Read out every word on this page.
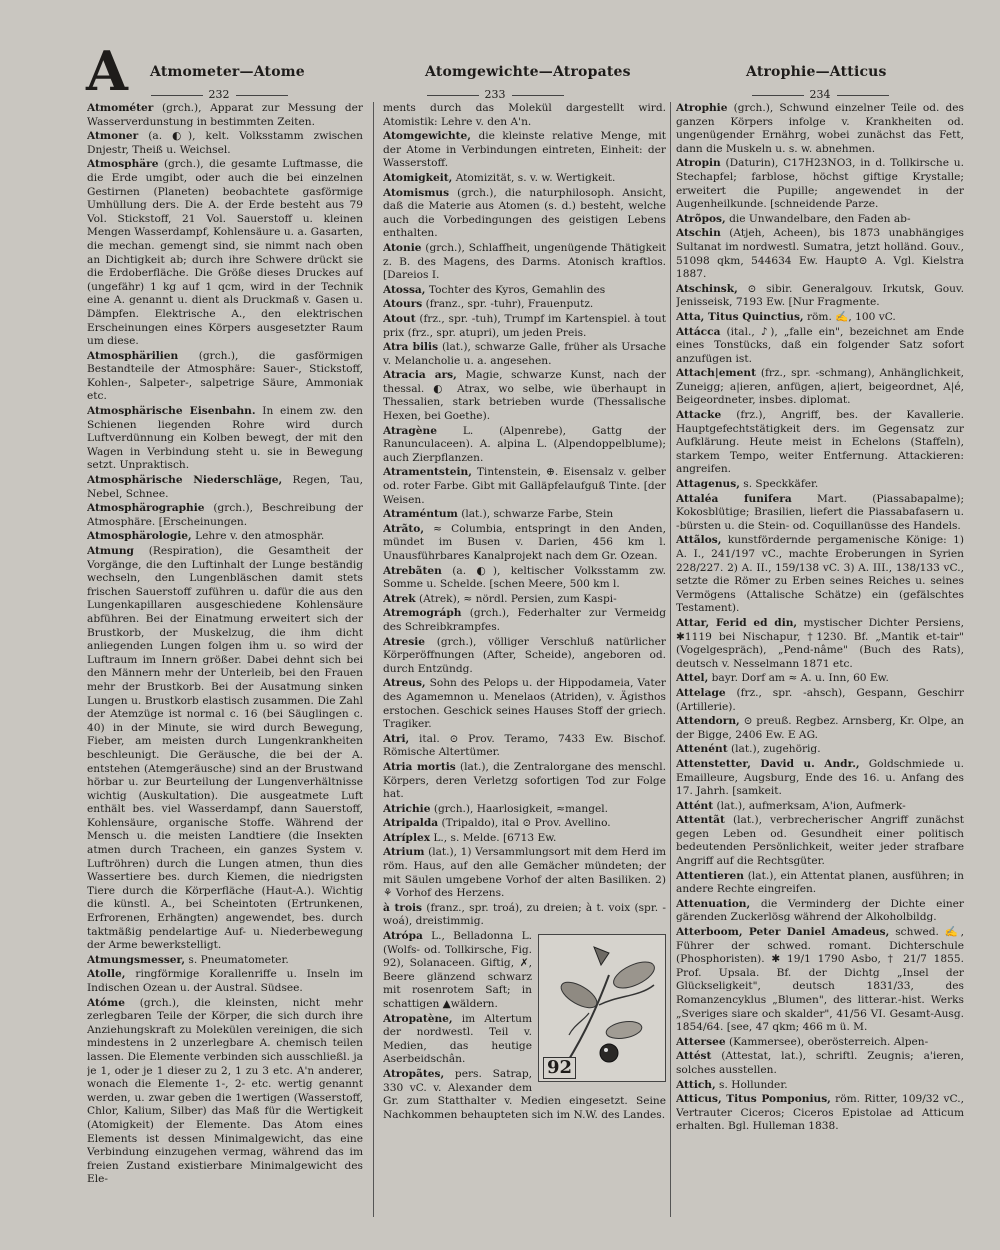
A Atmometer—Atome	Atomgewichte—Atropates	Atrophie—Atticus
232	233	234
Atmométer (grch.), Apparat zur Messung der Wasserverdunstung in bestimmten Zeiten.
Atmoner (a. ◐), kelt. Volksstamm zwischen Dnjestr, Theiß u. Weichsel.
Atmosphäre (grch.), die gesamte Luftmasse, die die Erde umgibt, oder auch die bei einzelnen Gestirnen (Planeten) beobachtete gasförmige Umhüllung ders. Die A. der Erde besteht aus 79 Vol. Stickstoff, 21 Vol. Sauerstoff u. kleinen Mengen Wasserdampf, Kohlensäure u. a. Gasarten, die mechan. gemengt sind, sie nimmt nach oben an Dichtigkeit ab; durch ihre Schwere drückt sie die Erdoberfläche. Die Größe dieses Druckes auf (ungefähr) 1 kg auf 1 qcm, wird in der Technik eine A. genannt u. dient als Druckmaß v. Gasen u. Dämpfen. Elektrische A., den elektrischen Erscheinungen eines Körpers ausgesetzter Raum um diese.
Atmosphärilien (grch.), die gasförmigen Bestandteile der Atmosphäre: Sauer-, Stickstoff, Kohlen-, Salpeter-, salpetrige Säure, Ammoniak etc.
Atmosphärische Eisenbahn. In einem zw. den Schienen liegenden Rohre wird durch Luftverdünnung ein Kolben bewegt, der mit den Wagen in Verbindung steht u. sie in Bewegung setzt. Unpraktisch.
Atmosphärische Niederschläge, Regen, Tau, Nebel, Schnee.
Atmosphärographie (grch.), Beschreibung der Atmosphäre. [Erscheinungen.
Atmosphärologie, Lehre v. den atmosphär.
Atmung (Respiration), die Gesamtheit der Vorgänge, die den Luftinhalt der Lunge beständig wechseln, den Lungenbläschen damit stets frischen Sauerstoff zuführen u. dafür die aus den Lungenkapillaren ausgeschiedene Kohlensäure abführen. Bei der Einatmung erweitert sich der Brustkorb, der Muskelzug, die ihm dicht anliegenden Lungen folgen ihm u. so wird der Luftraum im Innern größer. Dabei dehnt sich bei den Männern mehr der Unterleib, bei den Frauen mehr der Brustkorb. Bei der Ausatmung sinken Lungen u. Brustkorb elastisch zusammen. Die Zahl der Atemzüge ist normal c. 16 (bei Säuglingen c. 40) in der Minute, sie wird durch Bewegung, Fieber, am meisten durch Lungenkrankheiten beschleunigt. Die Geräusche, die bei der A. entstehen (Atemgeräusche) sind an der Brustwand hörbar u. zur Beurteilung der Lungenverhältnisse wichtig (Auskultation). Die ausgeatmete Luft enthält bes. viel Wasserdampf, dann Sauerstoff, Kohlensäure, organische Stoffe. Während der Mensch u. die meisten Landtiere (die Insekten atmen durch Tracheen, ein ganzes System v. Luftröhren) durch die Lungen atmen, thun dies Wassertiere bes. durch Kiemen, die niedrigsten Tiere durch die Körperfläche (Haut-A.). Wichtig die künstl. A., bei Scheintoten (Ertrunkenen, Erfrorenen, Erhängten) angewendet, bes. durch taktmäßig pendelartige Auf- u. Niederbewegung der Arme bewerkstelligt.
Atmungsmesser, s. Pneumatometer.
Atolle, ringförmige Korallenriffe u. Inseln im Indischen Ozean u. der Austral. Südsee.
Atóme (grch.), die kleinsten, nicht mehr zerlegbaren Teile der Körper, die sich durch ihre Anziehungskraft zu Molekülen vereinigen, die sich mindestens in 2 unzerlegbare A. chemisch teilen lassen. Die Elemente verbinden sich ausschließl. ja je 1, oder je 1 dieser zu 2, 1 zu 3 etc. A'n anderer, wonach die Elemente 1-, 2- etc. wertig genannt werden, u. zwar geben die 1wertigen (Wasserstoff, Chlor, Kalium, Silber) das Maß für die Wertigkeit (Atomigkeit) der Elemente. Das Atom eines Elements ist dessen Minimalgewicht, das eine Verbindung einzugehen vermag, während das im freien Zustand existierbare Minimalgewicht des Ele-
ments durch das Molekül dargestellt wird. Atomistik: Lehre v. den A'n.
Atomgewichte, die kleinste relative Menge, mit der Atome in Verbindungen eintreten, Einheit: der Wasserstoff.
Atomigkeit, Atomizität, s. v. w. Wertigkeit.
Atomismus (grch.), die naturphilosoph. Ansicht, daß die Materie aus Atomen (s. d.) besteht, welche auch die Vorbedingungen des geistigen Lebens enthalten.
Atonie (grch.), Schlaffheit, ungenügende Thätigkeit z. B. des Magens, des Darms. Atonisch kraftlos. [Dareios I.
Atossa, Tochter des Kyros, Gemahlin des
Atours (franz., spr. -tuhr), Frauenputz.
Atout (frz., spr. -tuh), Trumpf im Kartenspiel. à tout prix (frz., spr. atupri), um jeden Preis.
Atra bilis (lat.), schwarze Galle, früher als Ursache v. Melancholie u. a. angesehen.
Atracia ars, Magie, schwarze Kunst, nach der thessal. ◐ Atrax, wo selbe, wie überhaupt in Thessalien, stark betrieben wurde (Thessalische Hexen, bei Goethe).
Atragène L. (Alpenrebe), Gattg der Ranunculaceen). A. alpina L. (Alpendoppelblume); auch Zierpflanzen.
Atramentstein, Tintenstein, ⊕. Eisensalz v. gelber od. roter Farbe. Gibt mit Galläpfelaufguß Tinte. [der Weisen.
Atraméntum (lat.), schwarze Farbe, Stein
Atrãto, ≈ Columbia, entspringt in den Anden, mündet im Busen v. Darien, 456 km l. Unausführbares Kanalprojekt nach dem Gr. Ozean.
Atrebãten (a. ◐), keltischer Volksstamm zw. Somme u. Schelde. [schen Meere, 500 km l.
Atrek (Atrek), ≈ nördl. Persien, zum Kaspi-
Atremográph (grch.), Federhalter zur Vermeidg des Schreibkrampfes.
Atresie (grch.), völliger Verschluß natürlicher Körperöffnungen (After, Scheide), angeboren od. durch Entzündg.
Atreus, Sohn des Pelops u. der Hippodameia, Vater des Agamemnon u. Menelaos (Atriden), v. Ägisthos erstochen. Geschick seines Hauses Stoff der griech. Tragiker.
Atri, ital. ⊙ Prov. Teramo, 7433 Ew. Bischof. Römische Altertümer.
Atria mortis (lat.), die Zentralorgane des menschl. Körpers, deren Verletzg sofortigen Tod zur Folge hat.
Atrichie (grch.), Haarlosigkeit, ≈mangel.
Atripalda (Tripaldo), ital ⊙ Prov. Avellino.
Atríplex L., s. Melde. [6713 Ew.
Atrium (lat.), 1) Versammlungsort mit dem Herd im röm. Haus, auf den alle Gemächer mündeten; der mit Säulen umgebene Vorhof der alten Basiliken. 2) ⚘ Vorhof des Herzens.
à trois (franz., spr. troá), zu dreien; à t. voix (spr. -woá), dreistimmig.
92
Atrópa L., Belladonna L. (Wolfs- od. Tollkirsche, Fig. 92), Solanaceen. Giftig, ✗, Beere glänzend schwarz mit rosenrotem Saft; in schattigen ▲wäldern.
Atropatène, im Altertum der nordwestl. Teil v. Medien, das heutige Aserbeidschân.
Atropãtes, pers. Satrap, 330 vC. v. Alexander dem Gr. zum Statthalter v. Medien eingesetzt. Seine Nachkommen behaupteten sich im N.W. des Landes.
Atrophie (grch.), Schwund einzelner Teile od. des ganzen Körpers infolge v. Krankheiten od. ungenügender Ernährg, wobei zunächst das Fett, dann die Muskeln u. s. w. abnehmen.
Atropin (Daturin), C17H23NO3, in d. Tollkirsche u. Stechapfel; farblose, höchst giftige Krystalle; erweitert die Pupille; angewendet in der Augenheilkunde. [schneidende Parze.
Atrõpos, die Unwandelbare, den Faden ab-
Atschin (Atjeh, Acheen), bis 1873 unabhängiges Sultanat im nordwestl. Sumatra, jetzt holländ. Gouv., 51098 qkm, 544634 Ew. Haupt⊙ A. Vgl. Kielstra 1887.
Atschinsk, ⊙ sibir. Generalgouv. Irkutsk, Gouv. Jenisseisk, 7193 Ew. [Nur Fragmente.
Atta, Titus Quinctius, röm. ✍, 100 vC.
Attácca (ital., ♪), „falle ein", bezeichnet am Ende eines Tonstücks, daß ein folgender Satz sofort anzufügen ist.
Attach|ement (frz., spr. -schmang), Anhänglichkeit, Zuneigg; a|ieren, anfügen, a|iert, beigeordnet, A|é, Beigeordneter, insbes. diplomat.
Attacke (frz.), Angriff, bes. der Kavallerie. Hauptgefechtstätigkeit ders. im Gegensatz zur Aufklärung. Heute meist in Echelons (Staffeln), starkem Tempo, weiter Entfernung. Attackieren: angreifen.
Attagenus, s. Speckkäfer.
Attaléa funifera Mart. (Piassabapalme); Kokosblütige; Brasilien, liefert die Piassabafasern u. -bürsten u. die Stein- od. Coquillanüsse des Handels.
Attãlos, kunstfördernde pergamenische Könige: 1) A. I., 241/197 vC., machte Eroberungen in Syrien 228/227. 2) A. II., 159/138 vC. 3) A. III., 138/133 vC., setzte die Römer zu Erben seines Reiches u. seines Vermögens (Attalische Schätze) ein (gefälschtes Testament).
Attar, Ferid ed din, mystischer Dichter Persiens, ✱1119 bei Nischapur, †1230. Bf. „Mantik et-tair" (Vogelgespräch), „Pend-nâme" (Buch des Rats), deutsch v. Nesselmann 1871 etc.
Attel, bayr. Dorf am ≈ A. u. Inn, 60 Ew.
Attelage (frz., spr. -ahsch), Gespann, Geschirr (Artillerie).
Attendorn, ⊙ preuß. Regbez. Arnsberg, Kr. Olpe, an der Bigge, 2406 Ew. E AG.
Attenént (lat.), zugehörig.
Attenstetter, David u. Andr., Goldschmiede u. Emailleure, Augsburg, Ende des 16. u. Anfang des 17. Jahrh. [samkeit.
Attént (lat.), aufmerksam, A'ion, Aufmerk-
Attentãt (lat.), verbrecherischer Angriff zunächst gegen Leben od. Gesundheit einer politisch bedeutenden Persönlichkeit, weiter jeder strafbare Angriff auf die Rechtsgüter.
Attentieren (lat.), ein Attentat planen, ausführen; in andere Rechte eingreifen.
Attenuation, die Verminderg der Dichte einer gärenden Zuckerlösg während der Alkoholbildg.
Atterboom, Peter Daniel Amadeus, schwed. ✍, Führer der schwed. romant. Dichterschule (Phosphoristen). ✱ 19/1 1790 Asbo, † 21/7 1855. Prof. Upsala. Bf. der Dichtg „Insel der Glückseligkeit", deutsch 1831/33, des Romanzencyklus „Blumen", des litterar.-hist. Werks „Sveriges siare och skalder", 41/56 VI. Gesamt-Ausg. 1854/64. [see, 47 qkm; 466 m ü. M.
Attersee (Kammersee), oberösterreich. Alpen-
Attést (Attestat, lat.), schriftl. Zeugnis; a'ieren, solches ausstellen.
Attich, s. Hollunder.
Atticus, Titus Pomponius, röm. Ritter, 109/32 vC., Vertrauter Ciceros; Ciceros Epistolae ad Atticum erhalten. Bgl. Hulleman 1838.
